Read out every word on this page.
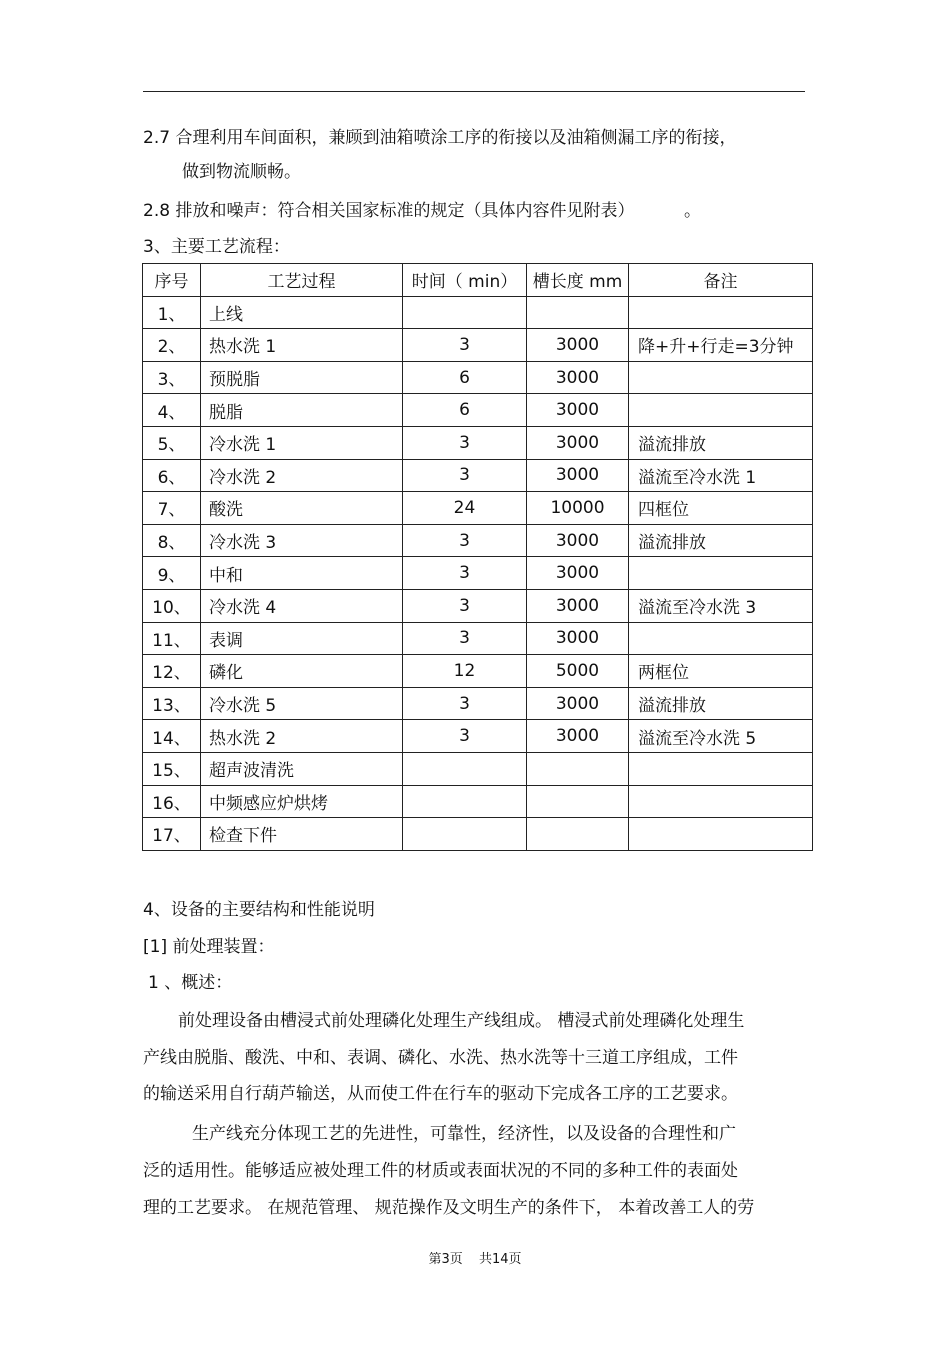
2.7 合理利用车间面积，兼顾到油箱喷涂工序的衔接以及油箱侧漏工序的衔接，
做到物流顺畅。
2.8 排放和噪声：符合相关国家标准的规定（具体内容件见附表）	。
3、主要工艺流程：
序号	工艺过程	时间（ min）	槽长度 mm	备注
1、	上线			
2、	热水洗 1	3	3000	降+升+行走=3分钟
3、	预脱脂	6	3000	
4、	脱脂	6	3000	
5、	冷水洗 1	3	3000	溢流排放
6、	冷水洗 2	3	3000	溢流至冷水洗 1
7、	酸洗	24	10000	四框位
8、	冷水洗 3	3	3000	溢流排放
9、	中和	3	3000	
10、	冷水洗 4	3	3000	溢流至冷水洗 3
11、	表调	3	3000	
12、	磷化	12	5000	两框位
13、	冷水洗 5	3	3000	溢流排放
14、	热水洗 2	3	3000	溢流至冷水洗 5
15、	超声波清洗			
16、	中频感应炉烘烤			
17、	检查下件			
4、设备的主要结构和性能说明
[1] 前处理装置：
1 、概述：
前处理设备由槽浸式前处理磷化处理生产线组成。 槽浸式前处理磷化处理生
产线由脱脂、酸洗、中和、表调、磷化、水洗、热水洗等十三道工序组成，工件
的输送采用自行葫芦输送，从而使工件在行车的驱动下完成各工序的工艺要求。
生产线充分体现工艺的先进性，可靠性，经济性，以及设备的合理性和广
泛的适用性。能够适应被处理工件的材质或表面状况的不同的多种工件的表面处
理的工艺要求。 在规范管理、 规范操作及文明生产的条件下， 本着改善工人的劳
第3页 共14页
